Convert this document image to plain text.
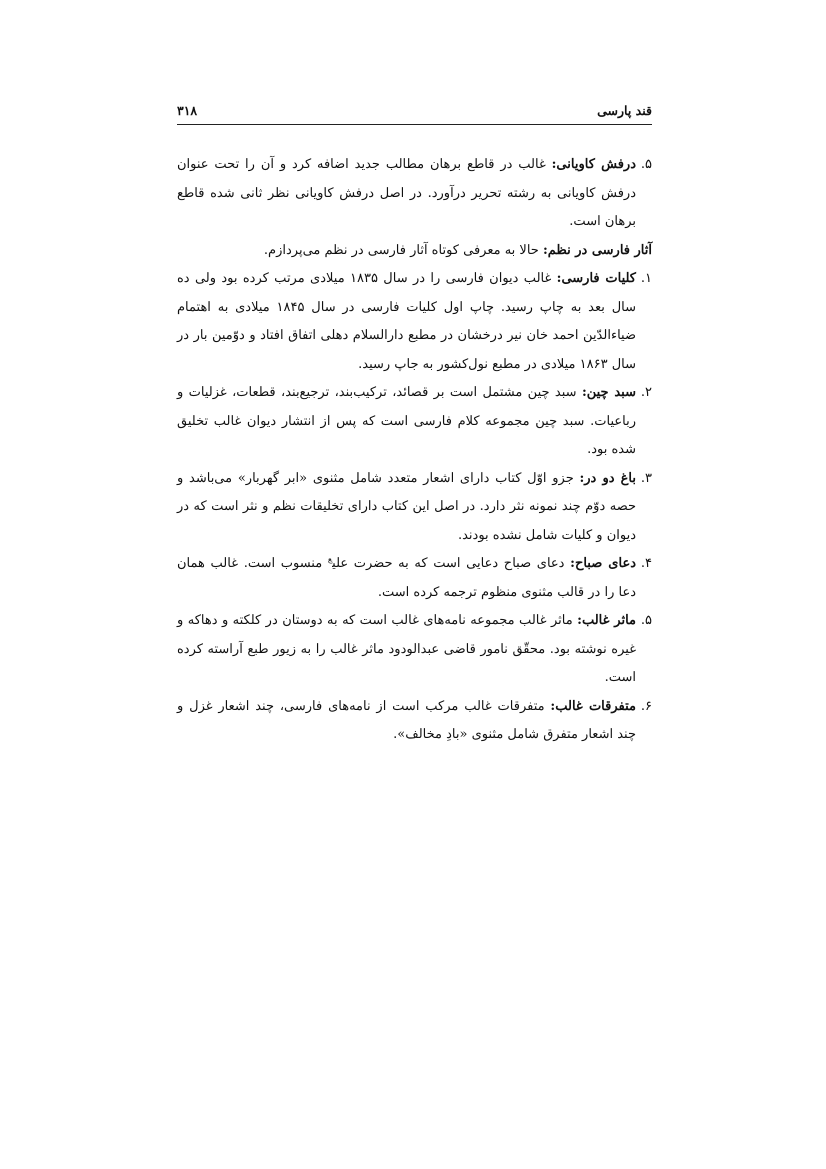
قند پارسی
۳۱۸
۵.
درفش کاویانی: غالب در قاطع برهان مطالب جدید اضافه کرد و آن را تحت عنوان درفش کاویانی به رشته تحریر درآورد. در اصل درفش کاویانی نظر ثانی شده قاطع برهان است.

آثار فارسی در نظم: حالا به معرفی کوتاه آثار فارسی در نظم می‌پردازم.

۱.
کلیات فارسی: غالب دیوان فارسی را در سال ۱۸۳۵ میلادی مرتب کرده بود ولی ده سال بعد به‌ چاپ رسید. چاپ اول کلیات فارسی در سال ۱۸۴۵ میلادی به اهتمام ضیاءالدّین احمد خان نیر درخشان در مطبع دارالسلام دهلی اتفاق افتاد و دوّمین بار در سال ۱۸۶۳ میلادی در مطبع نول‌کشور به جاپ رسید.
۲.
سبد چین: سبد چین مشتمل است بر قصائد، ترکیب‌بند، ترجیع‌بند، قطعات، غزلیات و رباعیات. سبد چین مجموعه کلام فارسی است که پس از انتشار دیوان غالب تخلیق شده بود.
۳.
باغ دو در: جزو اوّل کتاب دارای اشعار متعدد شامل مثنوی «ابر گهربار» می‌باشد و حصه دوّم چند نمونه نثر دارد. در اصل این کتاب دارای تخلیقات نظم و نثر است که در دیوان و کلیات شامل نشده بودند.
۴.
دعای صباح: دعای صباح دعایی است که به حضرت علی$^ع$ منسوب است. غالب همان دعا را در قالب مثنوی منظوم ترجمه کرده است.
۵.
ماثر غالب: ماثر غالب مجموعه نامه‌های غالب است که به دوستان در کلکته و دهاکه و غیره نوشته بود. محقّق نامور قاضی عبدالودود ماثر غالب را به زیور طبع آراسته کرده است.
۶.
متفرقات غالب: متفرقات غالب مرکب است از نامه‌های فارسی، چند اشعار غزل و چند اشعار متفرق شامل مثنوی «بادِ مخالف».
